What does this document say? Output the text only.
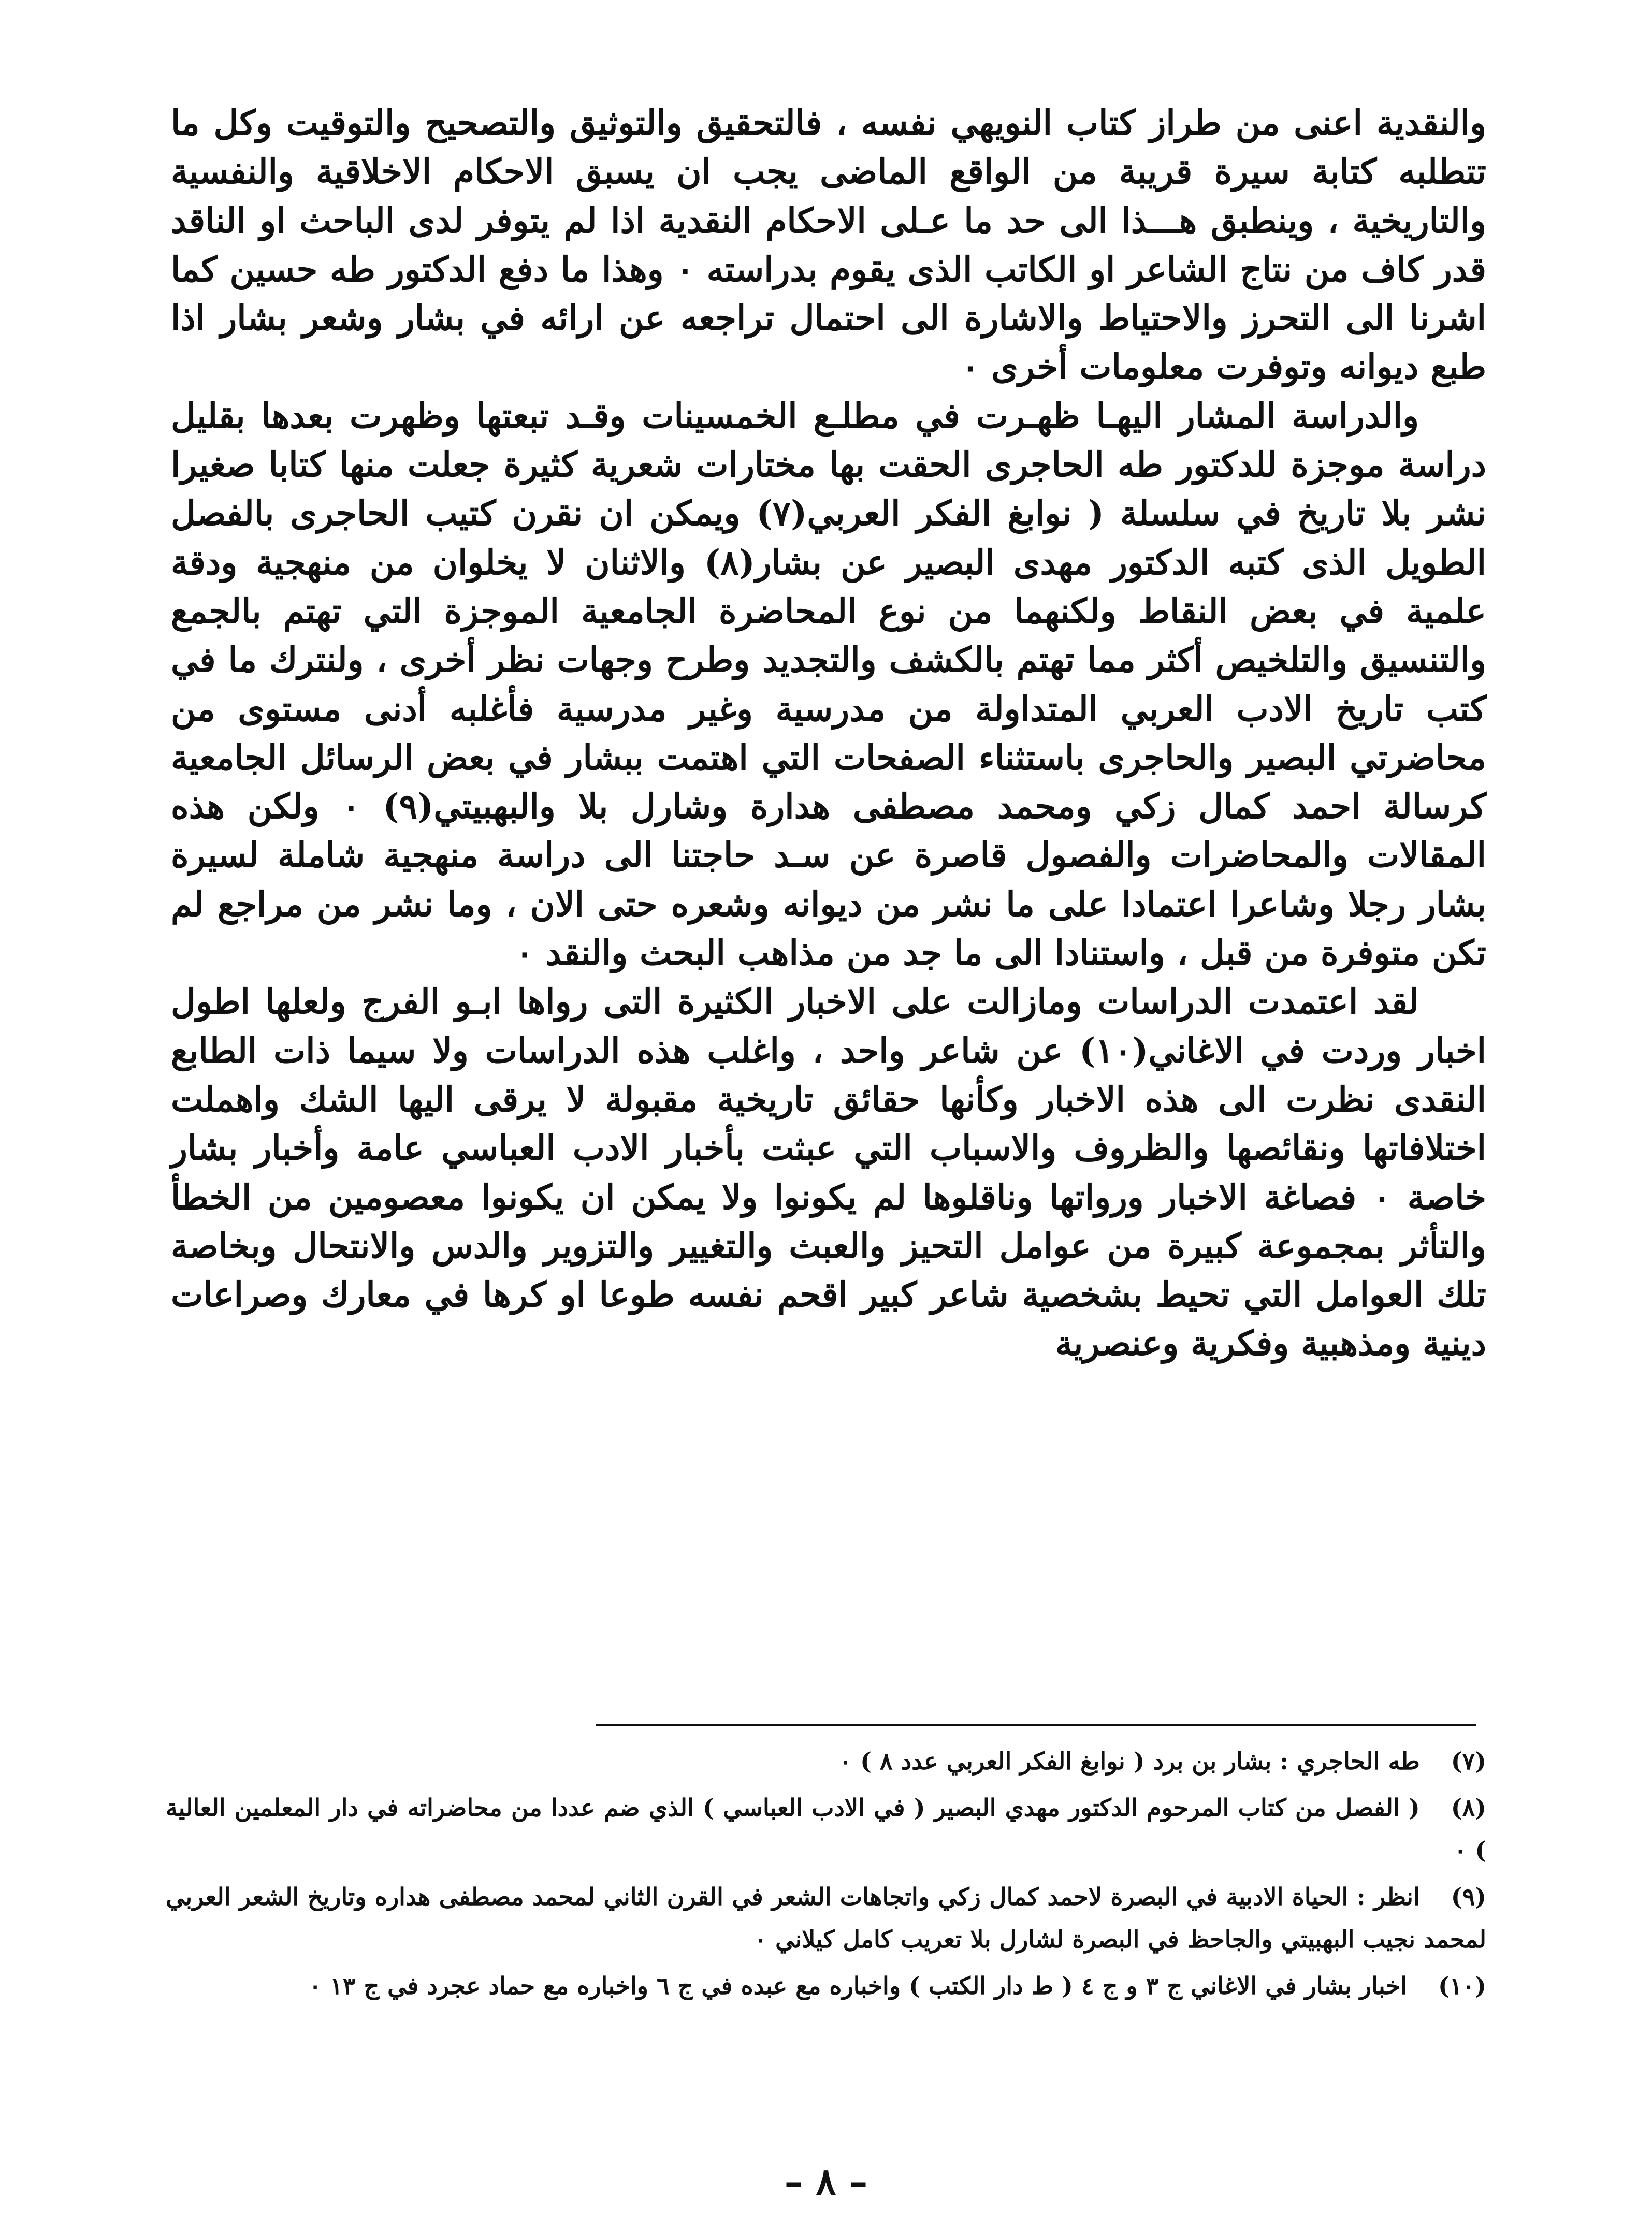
والنقدية اعنى من طراز كتاب النويهي نفسه ، فالتحقيق والتوثيق والتصحيح والتوقيت وكل ما تتطلبه كتابة سيرة قريبة من الواقع الماضى يجب ان يسبق الاحكام الاخلاقية والنفسية والتاريخية ، وينطبق هـــذا الى حد ما عـلى الاحكام النقدية اذا لم يتوفر لدى الباحث او الناقد قدر كاف من نتاج الشاعر او الكاتب الذى يقوم بدراسته ۰ وهذا ما دفع الدكتور طه حسين كما اشرنا الى التحرز والاحتياط والاشارة الى احتمال تراجعه عن ارائه في بشار وشعر بشار اذا طبع ديوانه وتوفرت معلومات أخرى ۰

والدراسة المشار اليهـا ظهـرت في مطلـع الخمسينات وقـد تبعتها وظهرت بعدها بقليل دراسة موجزة للدكتور طه الحاجرى الحقت بها مختارات شعرية كثيرة جعلت منها كتابا صغيرا نشر بلا تاريخ في سلسلة ( نوابغ الفكر العربي(٧) ويمكن ان نقرن كتيب الحاجرى بالفصل الطويل الذى كتبه الدكتور مهدى البصير عن بشار(٨) والاثنان لا يخلوان من منهجية ودقة علمية في بعض النقاط ولكنهما من نوع المحاضرة الجامعية الموجزة التي تهتم بالجمع والتنسيق والتلخيص أكثر مما تهتم بالكشف والتجديد وطرح وجهات نظر أخرى ، ولنترك ما في كتب تاريخ الادب العربي المتداولة من مدرسية وغير مدرسية فأغلبه أدنى مستوى من محاضرتي البصير والحاجرى باستثناء الصفحات التي اهتمت ببشار في بعض الرسائل الجامعية كرسالة احمد كمال زكي ومحمد مصطفى هدارة وشارل بلا والبهبيتي(٩) ۰ ولكن هذه المقالات والمحاضرات والفصول قاصرة عن سـد حاجتنا الى دراسة منهجية شاملة لسيرة بشار رجلا وشاعرا اعتمادا على ما نشر من ديوانه وشعره حتى الان ، وما نشر من مراجع لم تكن متوفرة من قبل ، واستنادا الى ما جد من مذاهب البحث والنقد ۰

لقد اعتمدت الدراسات ومازالت على الاخبار الكثيرة التى رواها ابـو الفرج ولعلها اطول اخبار وردت في الاغاني(١٠) عن شاعر واحد ، واغلب هذه الدراسات ولا سيما ذات الطابع النقدى نظرت الى هذه الاخبار وكأنها حقائق تاريخية مقبولة لا يرقى اليها الشك واهملت اختلافاتها ونقائصها والظروف والاسباب التي عبثت بأخبار الادب العباسي عامة وأخبار بشار خاصة ۰ فصاغة الاخبار ورواتها وناقلوها لم يكونوا ولا يمكن ان يكونوا معصومين من الخطأ والتأثر بمجموعة كبيرة من عوامل التحيز والعبث والتغيير والتزوير والدس والانتحال وبخاصة تلك العوامل التي تحيط بشخصية شاعر كبير اقحم نفسه طوعا او كرها في معارك وصراعات دينية ومذهبية وفكرية وعنصرية

(٧)طه الحاجري : بشار بن برد ( نوابغ الفكر العربي عدد ٨ ) ۰

(٨)( الفصل من كتاب المرحوم الدكتور مهدي البصير ( في الادب العباسي ) الذي ضم عددا من محاضراته في دار المعلمين العالية ) ۰

(٩)انظر : الحياة الادبية في البصرة لاحمد كمال زكي واتجاهات الشعر في القرن الثاني لمحمد مصطفى هداره وتاريخ الشعر العربي لمحمد نجيب البهبيتي والجاحظ في البصرة لشارل بلا تعريب كامل كيلاني ۰

(١٠)اخبار بشار في الاغاني ج ٣ و ج ٤ ( ط دار الكتب ) واخباره مع عبده في ج ٦ واخباره مع حماد عجرد في ج ١٣ ۰

– ٨ –
